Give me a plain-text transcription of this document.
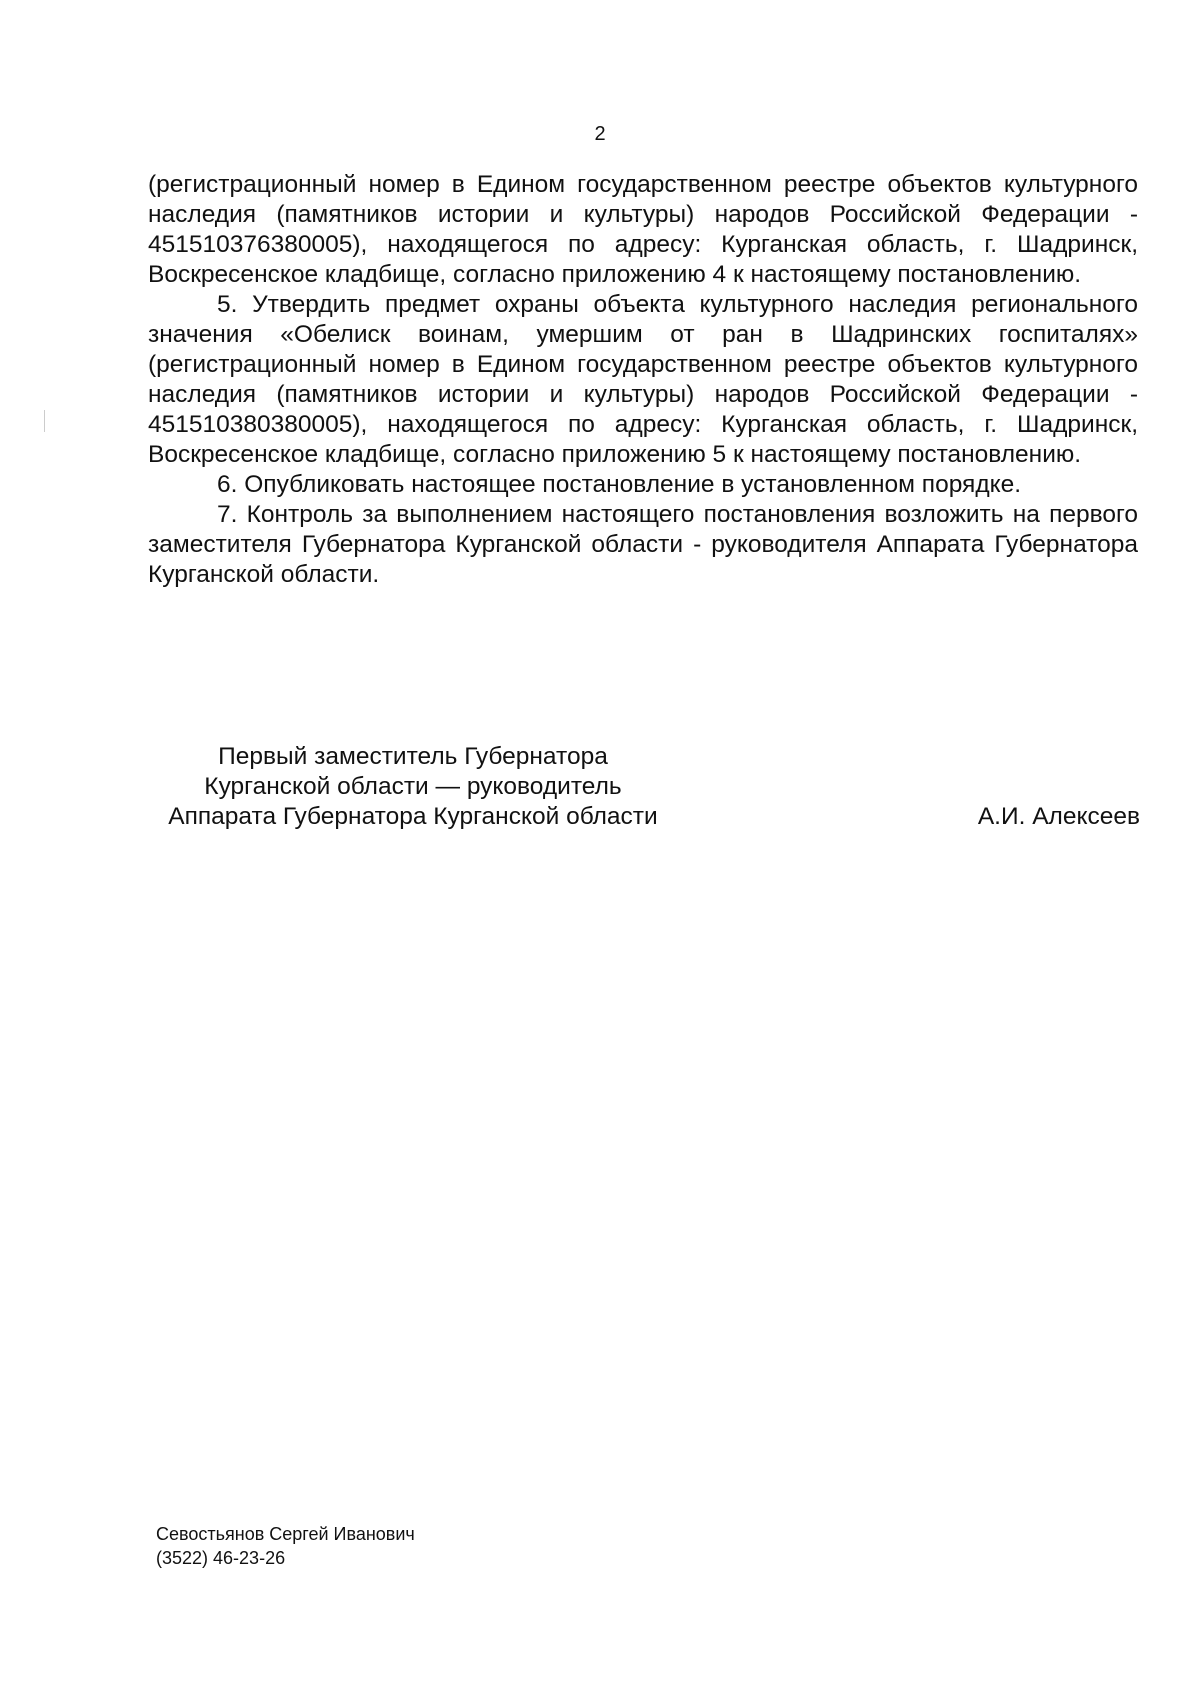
2

(регистрационный номер в Едином государственном реестре объектов культурного наследия (памятников истории и культуры) народов Российской Федерации - 451510376380005), находящегося по адресу: Курганская область, г. Шадринск, Воскресенское кладбище, согласно приложению 4 к настоящему постановлению.

5. Утвердить предмет охраны объекта культурного наследия регионального значения «Обелиск воинам, умершим от ран в Шадринских госпиталях» (регистрационный номер в Едином государственном реестре объектов культурного наследия (памятников истории и культуры) народов Российской Федерации - 451510380380005), находящегося по адресу: Курганская область, г. Шадринск, Воскресенское кладбище, согласно приложению 5 к настоящему постановлению.

6. Опубликовать настоящее постановление в установленном порядке.

7. Контроль за выполнением настоящего постановления возложить на первого заместителя Губернатора Курганской области - руководителя Аппарата Губернатора Курганской области.

Первый заместитель Губернатора
Курганской области — руководитель
Аппарата Губернатора Курганской области	А.И. Алексеев
Севостьянов Сергей Иванович
(3522) 46-23-26
